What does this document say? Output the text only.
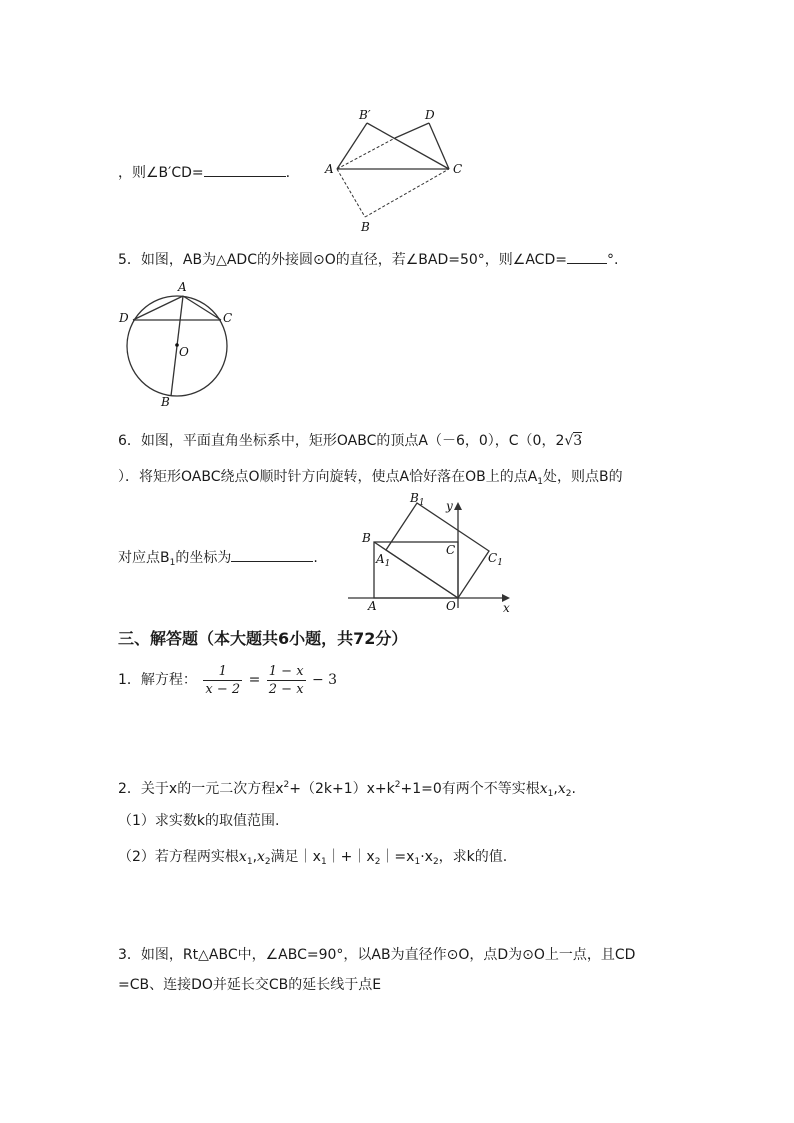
，则∠B′CD=	.
B′	D
A	C
B
5．如图，AB为△ADC的外接圆⊙O的直径，若∠BAD=50°，则∠ACD=	°.
A
D	C
O
B
6．如图，平面直角坐标系中，矩形OABC的顶点A（－6，0），C（0，2√3
）．将矩形OABC绕点O顺时针方向旋转，使点A恰好落在OB上的点$A_1$处，则点B的
对应点$B_1$的坐标为	.
$B_1$ y
B
C
$A_1$	$C_1$
A	O	x
三、解答题（本大题共6小题，共72分）
1．解方程： $\frac{1}{x - 2} = \frac{1 - x}{2 - x} - 3$
2．关于x的一元二次方程$x^2+(2k+1)x+k^2+1=0$有两个不等实根$x_1,x_2$.
（1）求实数k的取值范围.
（2）若方程两实根$x_1,x_2$满足$|x_1|+|x_2|=x_1\cdot x_2$，求k的值.
3．如图，Rt△ABC中，∠ABC=90°，以AB为直径作⊙O，点D为⊙O上一点，且CD
=CB、连接DO并延长交CB的延长线于点E
